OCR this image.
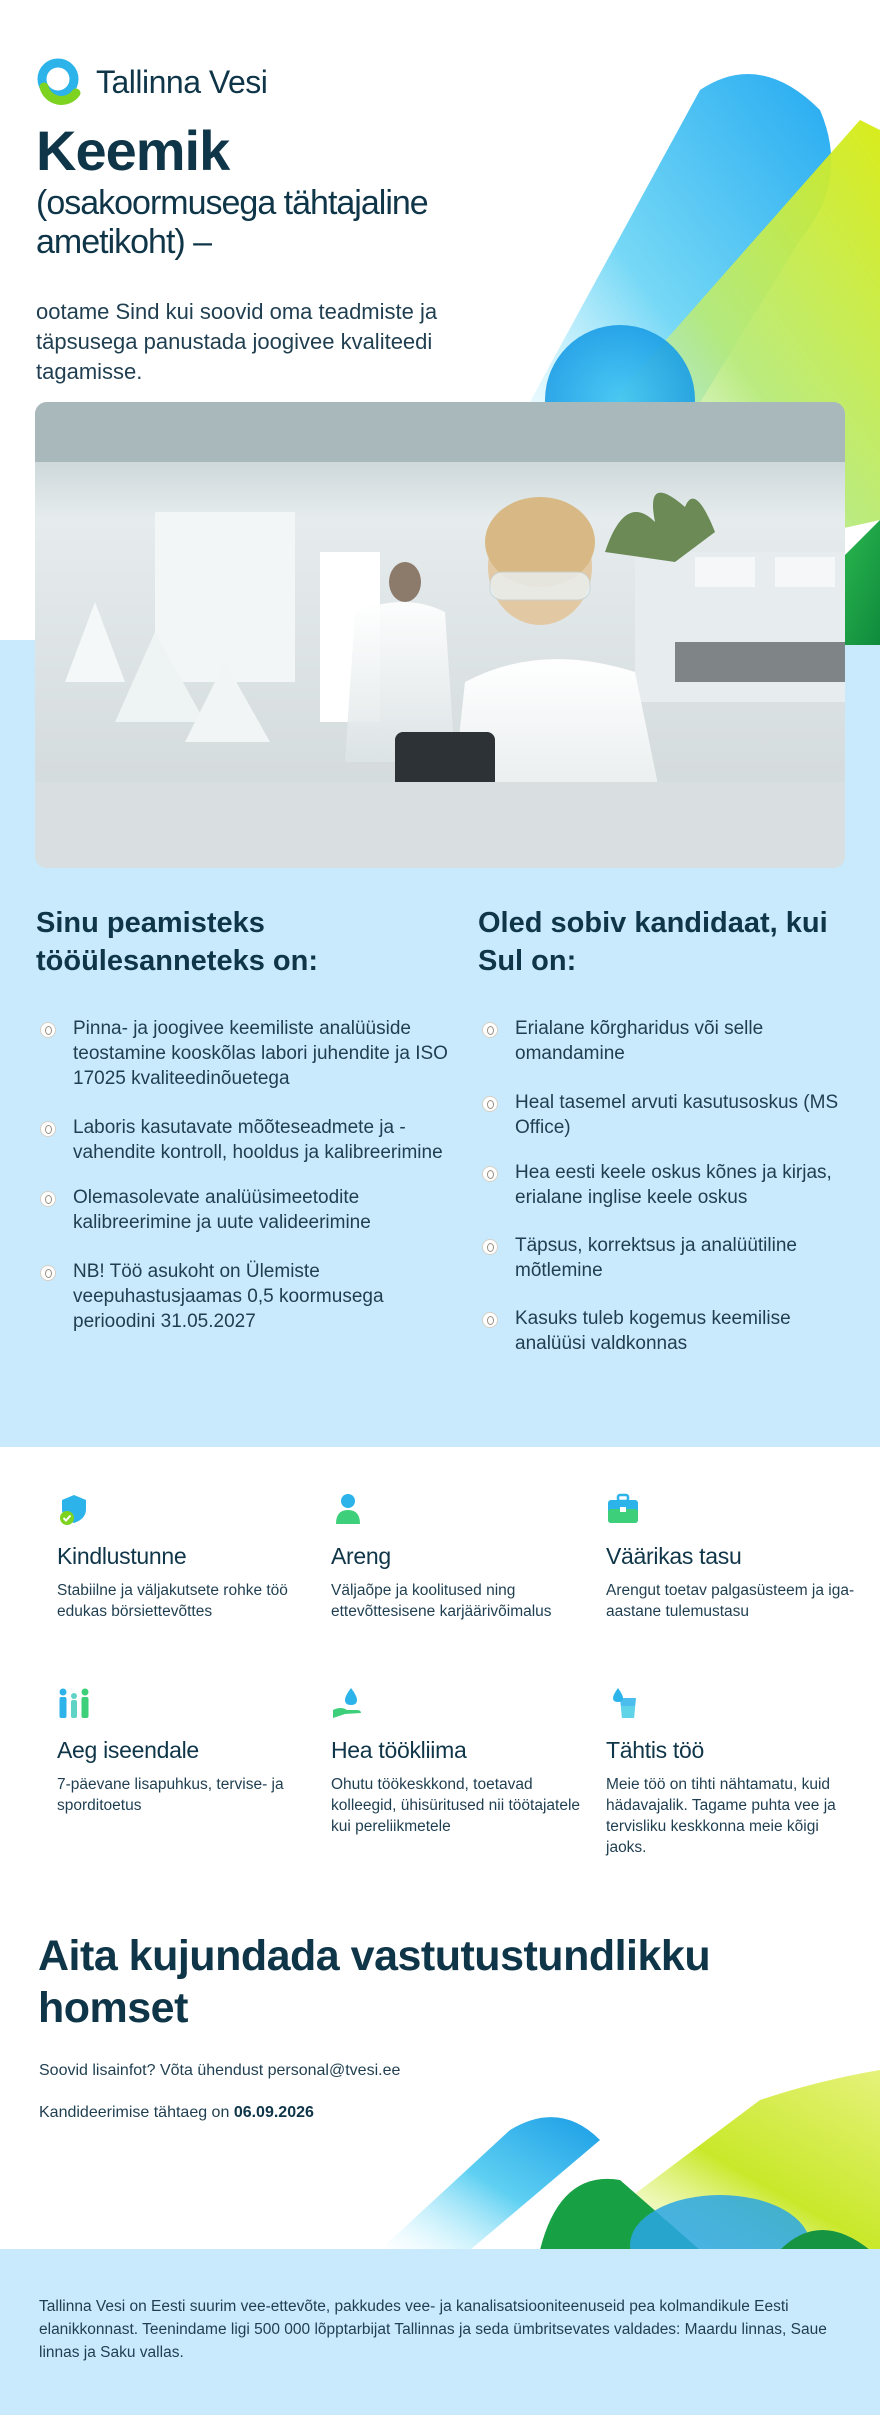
Tallinna Vesi
Keemik
(osakoormusega tähtajaline ametikoht) –

ootame Sind kui soovid oma teadmiste ja täpsusega panustada joogivee kvaliteedi tagamisse.

Sinu peamisteks tööülesanneteks on:
Oled sobiv kandidaat, kui Sul on:
Pinna- ja joogivee keemiliste analüüside teostamine kooskõlas labori juhendite ja ISO 17025 kvaliteedinõuetega
Laboris kasutavate mõõteseadmete ja -vahendite kontroll, hooldus ja kalibreerimine
Olemasolevate analüüsimeetodite kalibreerimine ja uute valideerimine
NB! Töö asukoht on Ülemiste veepuhastusjaamas 0,5 koormusega perioodini 31.05.2027
Erialane kõrgharidus või selle omandamine
Heal tasemel arvuti kasutusoskus (MS Office)
Hea eesti keele oskus kõnes ja kirjas, erialane inglise keele oskus
Täpsus, korrektsus ja analüütiline mõtlemine
Kasuks tuleb kogemus keemilise analüüsi valdkonnas
Kindlustunne

Stabiilne ja väljakutsete rohke töö edukas börsiettevõttes

Areng

Väljaõpe ja koolitused ning ettevõttesisene karjäärivõimalus

Väärikas tasu

Arengut toetav palgasüsteem ja iga-aastane tulemustasu

Aeg iseendale

7-päevane lisapuhkus, tervise- ja sporditoetus

Hea töökliima

Ohutu töökeskkond, toetavad kolleegid, ühisüritused nii töötajatele kui pereliikmetele

Tähtis töö

Meie töö on tihti nähtamatu, kuid hädavajalik. Tagame puhta vee ja tervisliku keskkonna meie kõigi jaoks.

Aita kujundada vastutustundlikku homset

Soovid lisainfot? Võta ühendust personal@tvesi.ee

Kandideerimise tähtaeg on 06.09.2026

Tallinna Vesi on Eesti suurim vee-ettevõte, pakkudes vee- ja kanalisatsiooniteenuseid pea kolmandikule Eesti elanikkonnast. Teenindame ligi 500 000 lõpptarbijat Tallinnas ja seda ümbritsevates valdades: Maardu linnas, Saue linnas ja Saku vallas.
